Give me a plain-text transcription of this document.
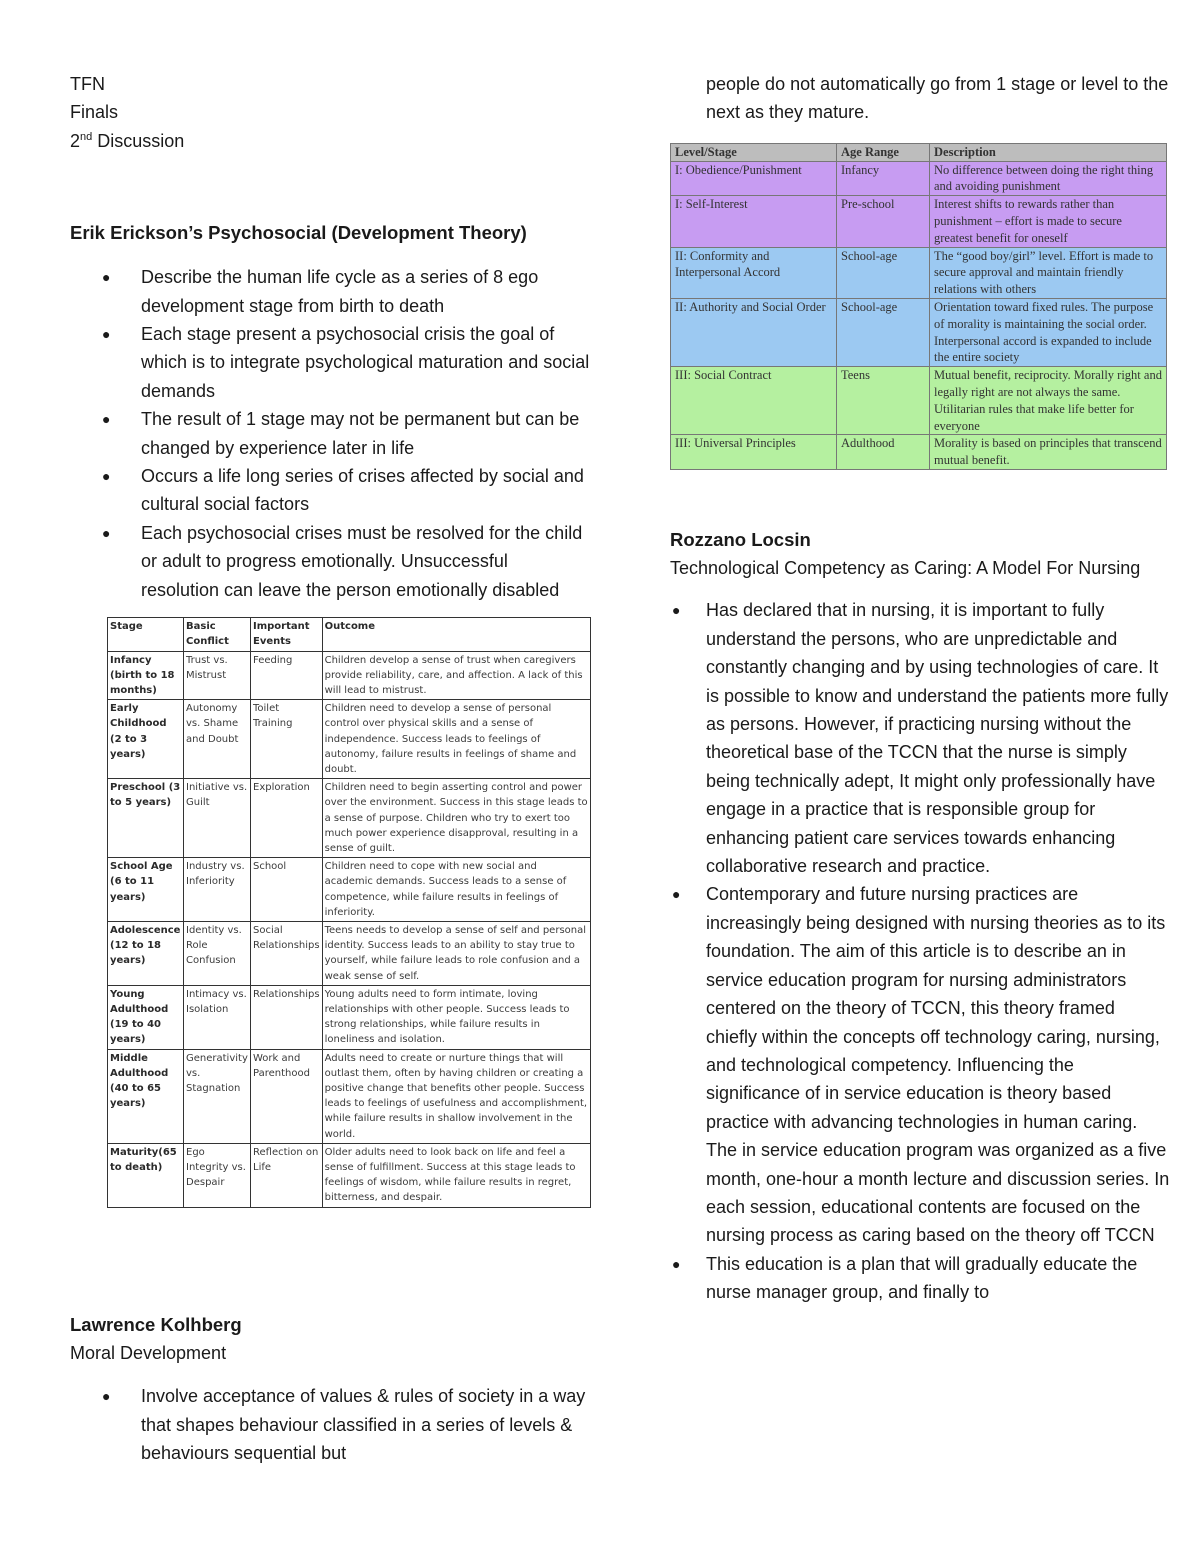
TFN
Finals
2nd Discussion
Erik Erickson’s Psychosocial (Development Theory)
● Describe the human life cycle as a series of 8 ego development stage from birth to death
● Each stage present a psychosocial crisis the goal of which is to integrate psychological maturation and social demands
● The result of 1 stage may not be permanent but can be changed by experience later in life
● Occurs a life long series of crises affected by social and cultural social factors
● Each psychosocial crises must be resolved for the child or adult to progress emotionally. Unsuccessful resolution can leave the person emotionally disabled
Stage	Basic Conflict	Important Events	Outcome
Infancy (birth to 18 months)	Trust vs. Mistrust	Feeding	Children develop a sense of trust when caregivers provide reliability, care, and affection. A lack of this will lead to mistrust.
Early Childhood (2 to 3 years)	Autonomy vs. Shame and Doubt	Toilet Training	Children need to develop a sense of personal control over physical skills and a sense of independence. Success leads to feelings of autonomy, failure results in feelings of shame and doubt.
Preschool (3 to 5 years)	Initiative vs. Guilt	Exploration	Children need to begin asserting control and power over the environment. Success in this stage leads to a sense of purpose. Children who try to exert too much power experience disapproval, resulting in a sense of guilt.
School Age (6 to 11 years)	Industry vs. Inferiority	School	Children need to cope with new social and academic demands. Success leads to a sense of competence, while failure results in feelings of inferiority.
Adolescence (12 to 18 years)	Identity vs. Role Confusion	Social Relationships	Teens needs to develop a sense of self and personal identity. Success leads to an ability to stay true to yourself, while failure leads to role confusion and a weak sense of self.
Young Adulthood (19 to 40 years)	Intimacy vs. Isolation	Relationships	Young adults need to form intimate, loving relationships with other people. Success leads to strong relationships, while failure results in loneliness and isolation.
Middle Adulthood (40 to 65 years)	Generativity vs. Stagnation	Work and Parenthood	Adults need to create or nurture things that will outlast them, often by having children or creating a positive change that benefits other people. Success leads to feelings of usefulness and accomplishment, while failure results in shallow involvement in the world.
Maturity(65 to death)	Ego Integrity vs. Despair	Reflection on Life	Older adults need to look back on life and feel a sense of fulfillment. Success at this stage leads to feelings of wisdom, while failure results in regret, bitterness, and despair.
Lawrence Kolhberg
Moral Development
● Involve acceptance of values & rules of society in a way that shapes behaviour classified in a series of levels & behaviours sequential but
people do not automatically go from 1 stage or level to the next as they mature.
Level/Stage	Age Range	Description
I: Obedience/Punishment	Infancy	No difference between doing the right thing and avoiding punishment
I: Self-Interest	Pre-school	Interest shifts to rewards rather than punishment – effort is made to secure greatest benefit for oneself
II: Conformity and Interpersonal Accord	School-age	The “good boy/girl” level. Effort is made to secure approval and maintain friendly relations with others
II: Authority and Social Order	School-age	Orientation toward fixed rules. The purpose of morality is maintaining the social order. Interpersonal accord is expanded to include the entire society
III: Social Contract	Teens	Mutual benefit, reciprocity. Morally right and legally right are not always the same. Utilitarian rules that make life better for everyone
III: Universal Principles	Adulthood	Morality is based on principles that transcend mutual benefit.
Rozzano Locsin
Technological Competency as Caring: A Model For Nursing
● Has declared that in nursing, it is important to fully understand the persons, who are unpredictable and constantly changing and by using technologies of care. It is possible to know and understand the patients more fully as persons. However, if practicing nursing without the theoretical base of the TCCN that the nurse is simply being technically adept, It might only professionally have engage in a practice that is responsible group for enhancing patient care services towards enhancing collaborative research and practice.
● Contemporary and future nursing practices are increasingly being designed with nursing theories as to its foundation. The aim of this article is to describe an in service education program for nursing administrators centered on the theory of TCCN, this theory framed chiefly within the concepts off technology caring, nursing, and technological competency. Influencing the significance of in service education is theory based practice with advancing technologies in human caring. The in service education program was organized as a five month, one-hour a month lecture and discussion series. In each session, educational contents are focused on the nursing process as caring based on the theory off TCCN
● This education is a plan that will gradually educate the nurse manager group, and finally to
